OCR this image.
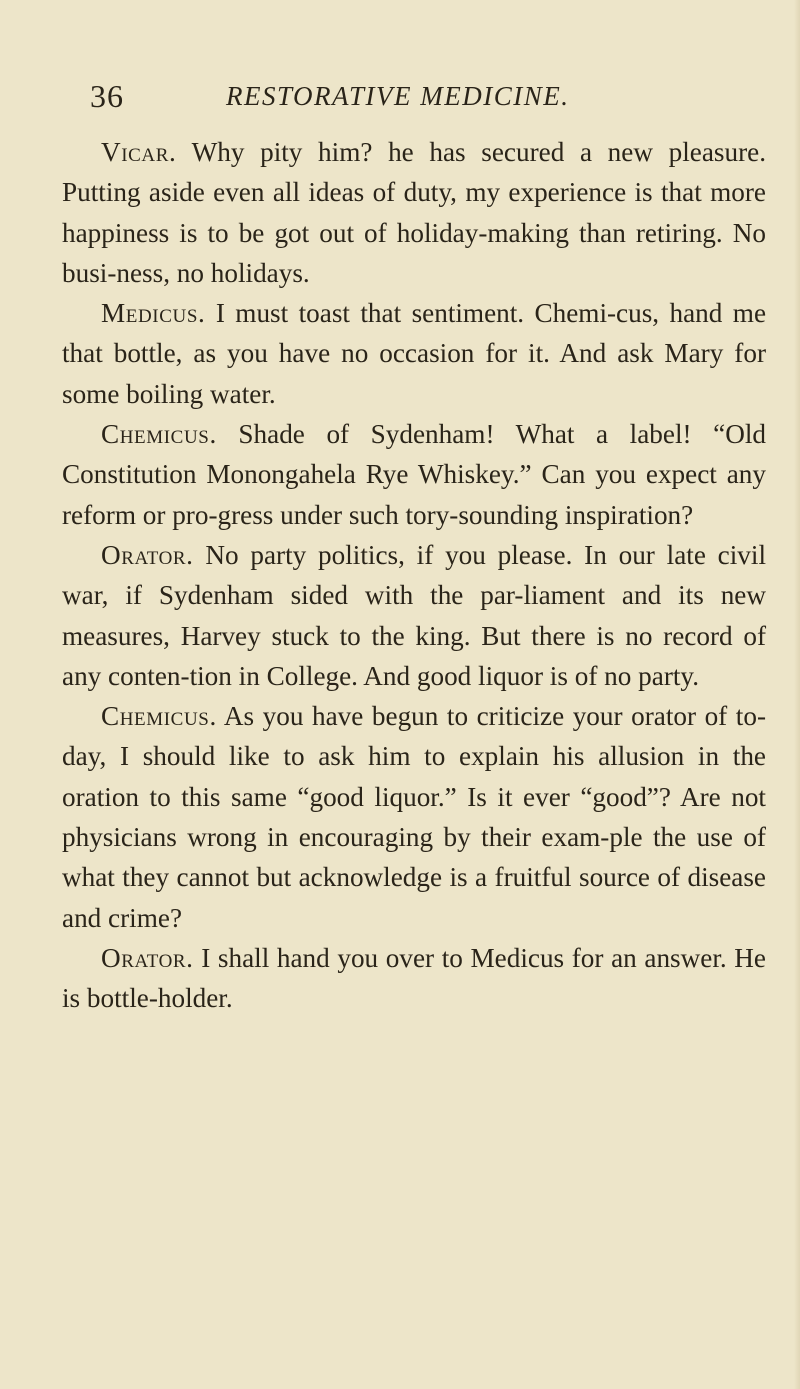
36	RESTORATIVE MEDICINE.

Vicar. Why pity him? he has secured a new pleasure. Putting aside even all ideas of duty, my experience is that more happiness is to be got out of holiday-making than retiring. No busi-ness, no holidays.

Medicus. I must toast that sentiment. Chemi-cus, hand me that bottle, as you have no occasion for it. And ask Mary for some boiling water.

Chemicus. Shade of Sydenham! What a label! “Old Constitution Monongahela Rye Whiskey.” Can you expect any reform or pro-gress under such tory-sounding inspiration?

Orator. No party politics, if you please. In our late civil war, if Sydenham sided with the par-liament and its new measures, Harvey stuck to the king. But there is no record of any conten-tion in College. And good liquor is of no party.

Chemicus. As you have begun to criticize your orator of to-day, I should like to ask him to explain his allusion in the oration to this same “good liquor.” Is it ever “good”? Are not physicians wrong in encouraging by their exam-ple the use of what they cannot but acknowledge is a fruitful source of disease and crime?

Orator. I shall hand you over to Medicus for an answer. He is bottle-holder.
